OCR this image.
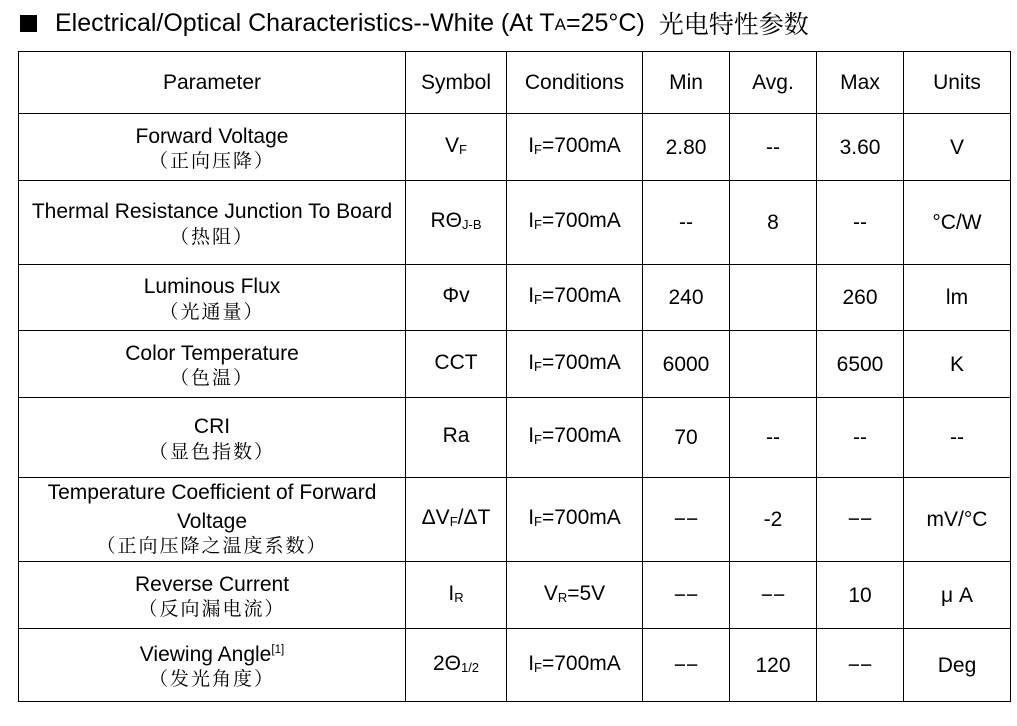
Electrical/Optical Characteristics--White (At T A =25°C) 光电特性参数
Parameter	Symbol	Conditions	Min	Avg.	Max	Units

Forward Voltage
（正向压降）	$V_F$	$I_F=700mA$	2.80	--	3.60	V

Thermal Resistance Junction To Board
（热阻）	$R\Theta_{J-B}$	$I_F=700mA$	--	8	--	°C/W

Luminous Flux
（光通量）	Φv	$I_F=700mA$	240		260	lm

Color Temperature
（色温）	CCT	$I_F=700mA$	6000		6500	K

CRI
（显色指数）	Ra	$I_F=700mA$	70	--	--	--

Temperature Coefficient of Forward Voltage
（正向压降之温度系数）	$\Delta V_F/\Delta T$	$I_F=700mA$	−−	-2	−−	mV/°C

Reverse Current
（反向漏电流）	$I_R$	$V_R=5V$	−−	−−	10	μ A

Viewing Angle[1]
（发光角度）	$2\Theta_{1/2}$	$I_F=700mA$	−−	120	−−	Deg
